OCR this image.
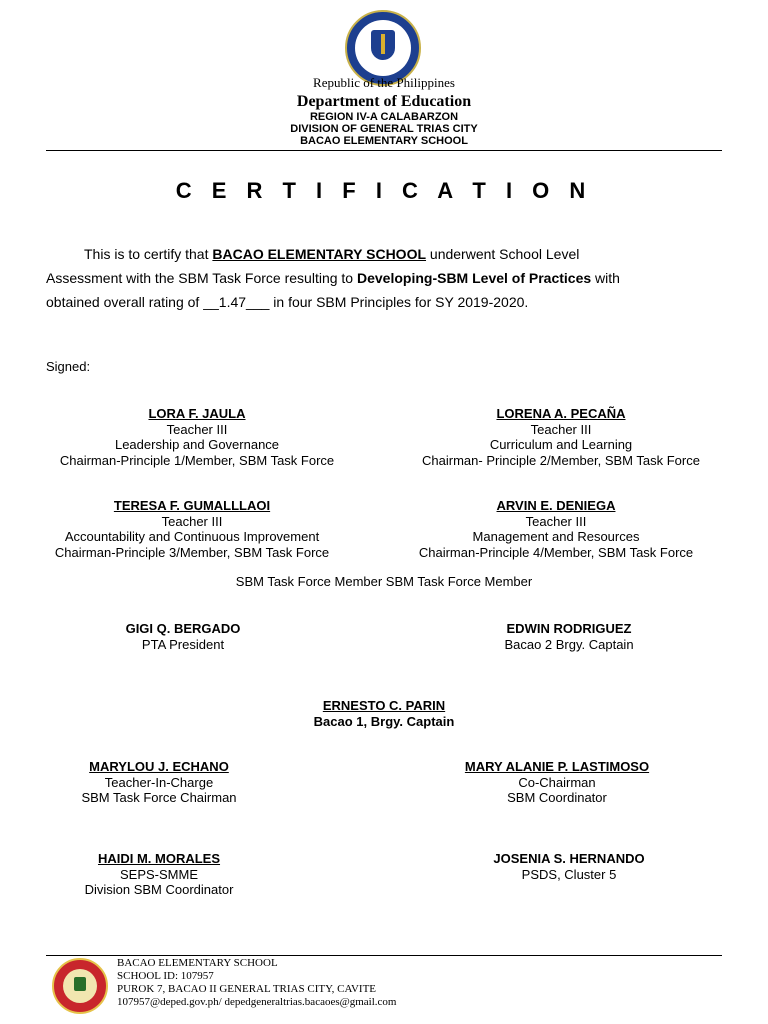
Republic of the Philippines
Department of Education
REGION IV-A CALABARZON
DIVISION OF GENERAL TRIAS CITY
BACAO ELEMENTARY SCHOOL
C E R T I F I C A T I O N
This is to certify that BACAO ELEMENTARY SCHOOL underwent School Level
Assessment with the SBM Task Force resulting to Developing-SBM Level of Practices with
obtained overall rating of __1.47___ in four SBM Principles for SY 2019-2020.
Signed:
LORA F. JAULA
Teacher III
Leadership and Governance
Chairman-Principle 1/Member, SBM Task Force
LORENA A. PECAÑA
Teacher III
Curriculum and Learning
Chairman- Principle 2/Member, SBM Task Force
TERESA F. GUMALLLAOI
Teacher III
Accountability and Continuous Improvement
Chairman-Principle 3/Member, SBM Task Force
ARVIN E. DENIEGA
Teacher III
Management and Resources
Chairman-Principle 4/Member, SBM Task Force
SBM Task Force Member SBM Task Force Member
GIGI Q. BERGADO
PTA President
EDWIN RODRIGUEZ
Bacao 2 Brgy. Captain
ERNESTO C. PARIN
Bacao 1, Brgy. Captain
MARYLOU J. ECHANO
Teacher-In-Charge
SBM Task Force Chairman
MARY ALANIE P. LASTIMOSO
Co-Chairman
SBM Coordinator
HAIDI M. MORALES
SEPS-SMME
Division SBM Coordinator
JOSENIA S. HERNANDO
PSDS, Cluster 5
BACAO ELEMENTARY SCHOOL
SCHOOL ID: 107957
PUROK 7, BACAO II GENERAL TRIAS CITY, CAVITE
107957@deped.gov.ph/ depedgeneraltrias.bacaoes@gmail.com
